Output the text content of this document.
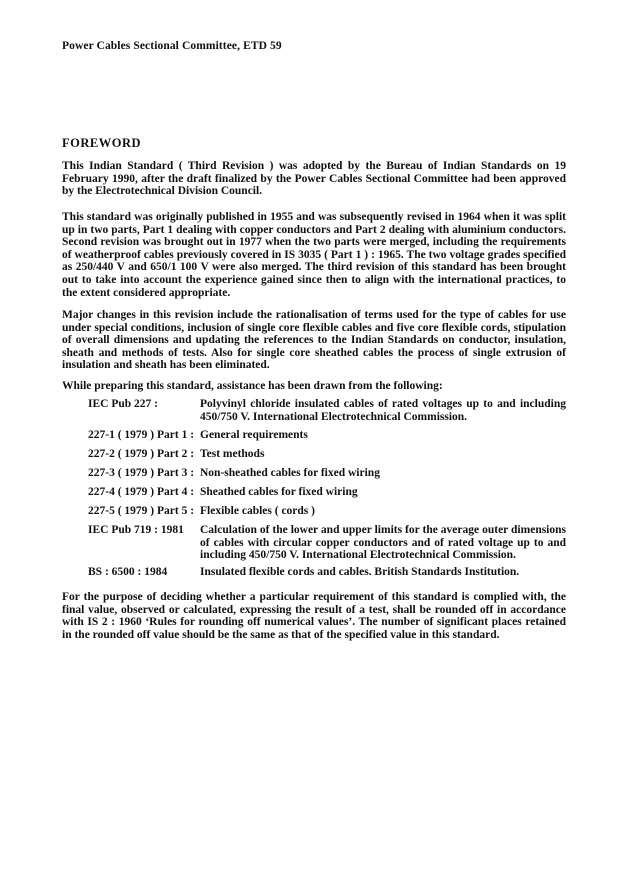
Power Cables Sectional Committee, ETD 59
FOREWORD
This Indian Standard ( Third Revision ) was adopted by the Bureau of Indian Standards on 19 February 1990, after the draft finalized by the Power Cables Sectional Committee had been approved by the Electrotechnical Division Council.
This standard was originally published in 1955 and was subsequently revised in 1964 when it was split up in two parts, Part 1 dealing with copper conductors and Part 2 dealing with aluminium conductors. Second revision was brought out in 1977 when the two parts were merged, including the requirements of weatherproof cables previously covered in IS 3035 ( Part 1 ) : 1965. The two voltage grades specified as 250/440 V and 650/1 100 V were also merged. The third revision of this standard has been brought out to take into account the experience gained since then to align with the international practices, to the extent considered appropriate.
Major changes in this revision include the rationalisation of terms used for the type of cables for use under special conditions, inclusion of single core flexible cables and five core flexible cords, stipulation of overall dimensions and updating the references to the Indian Standards on conductor, insulation, sheath and methods of tests. Also for single core sheathed cables the process of single extrusion of insulation and sheath has been eliminated.
While preparing this standard, assistance has been drawn from the following:
IEC Pub 227 :	Polyvinyl chloride insulated cables of rated voltages up to and including 450/750 V. International Electrotechnical Commission.
227-1 ( 1979 ) Part 1 : General requirements
227-2 ( 1979 ) Part 2 : Test methods
227-3 ( 1979 ) Part 3 : Non-sheathed cables for fixed wiring
227-4 ( 1979 ) Part 4 : Sheathed cables for fixed wiring
227-5 ( 1979 ) Part 5 : Flexible cables ( cords )
IEC Pub 719 : 1981 Calculation of the lower and upper limits for the average outer dimensions of cables with circular copper conductors and of rated voltage up to and including 450/750 V. International Electrotechnical Commission.
BS : 6500 : 1984	Insulated flexible cords and cables. British Standards Institution.
For the purpose of deciding whether a particular requirement of this standard is complied with, the final value, observed or calculated, expressing the result of a test, shall be rounded off in accordance with IS 2 : 1960 ‘Rules for rounding off numerical values’. The number of significant places retained in the rounded off value should be the same as that of the specified value in this standard.
